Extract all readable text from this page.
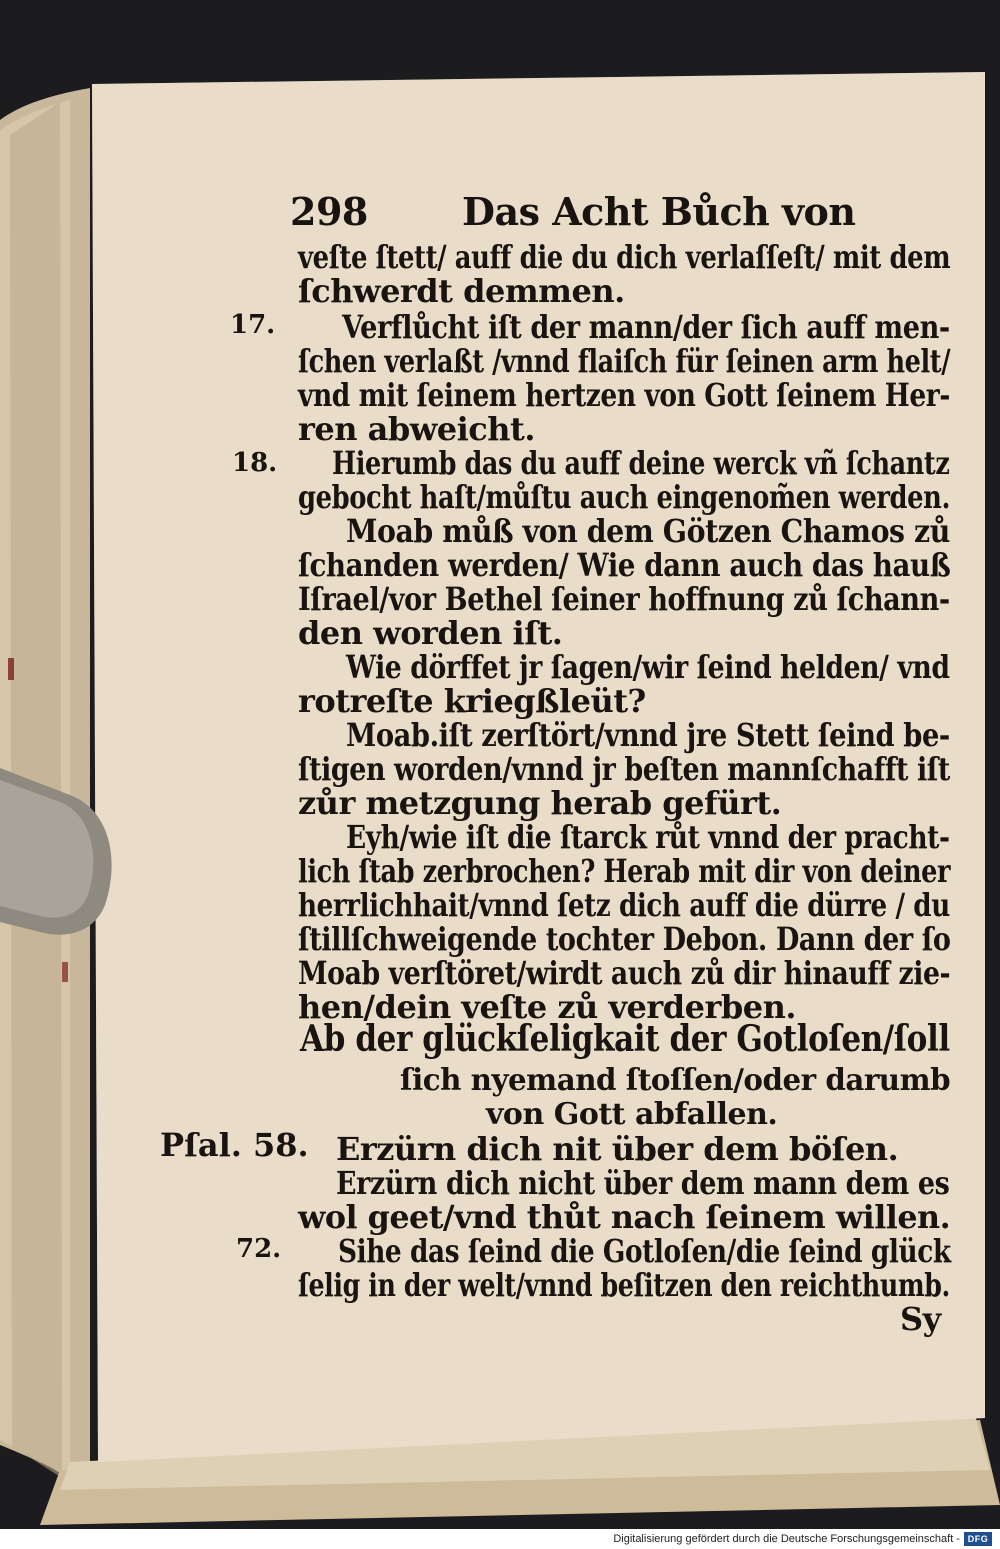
298 Das Acht Bůch von
veſte ſtett/ auff die du dich verlaſſeſt/ mit dem
ſchwerdt demmen.
Verflůcht iſt der mann/der ſich auff men-
ſchen verlaßt /vnnd flaiſch für ſeinen arm helt/
vnd mit ſeinem hertzen von Gott ſeinem Her-
ren abweicht.
Hierumb das du auff deine werck vñ ſchantz
gebocht haſt/můſtu auch eingenom̃en werden.
Moab můß von dem Götzen Chamos zů
ſchanden werden/ Wie dann auch das hauß
Iſrael/vor Bethel ſeiner hoffnung zů ſchann-
den worden iſt.
Wie dörffet jr ſagen/wir ſeind helden/ vnd
rotreſte kriegßleüt?
Moab.iſt zerſtört/vnnd jre Stett ſeind be-
ſtigen worden/vnnd jr beſten mannſchafft iſt
zůr metzgung herab gefürt.
Eyh/wie iſt die ſtarck růt vnnd der pracht-
lich ſtab zerbrochen? Herab mit dir von deiner
herrlichhait/vnnd ſetz dich auff die dürre / du
ſtillſchweigende tochter Debon. Dann der ſo
Moab verſtöret/wirdt auch zů dir hinauff zie-
hen/dein veſte zů verderben.
Ab der glückſeligkait der Gotloſen/ſoll
ſich nyemand ſtoſſen/oder darumb
von Gott abfallen.
Erzürn dich nit über dem böſen.
Erzürn dich nicht über dem mann dem es
wol geet/vnd thůt nach ſeinem willen.
Sihe das ſeind die Gotloſen/die ſeind glück
ſelig in der welt/vnnd beſitzen den reichthumb.
Sy
17.
18.
Pſal. 58.
72.
Digitalisierung gefördert durch die Deutsche Forschungsgemeinschaft - DFG
